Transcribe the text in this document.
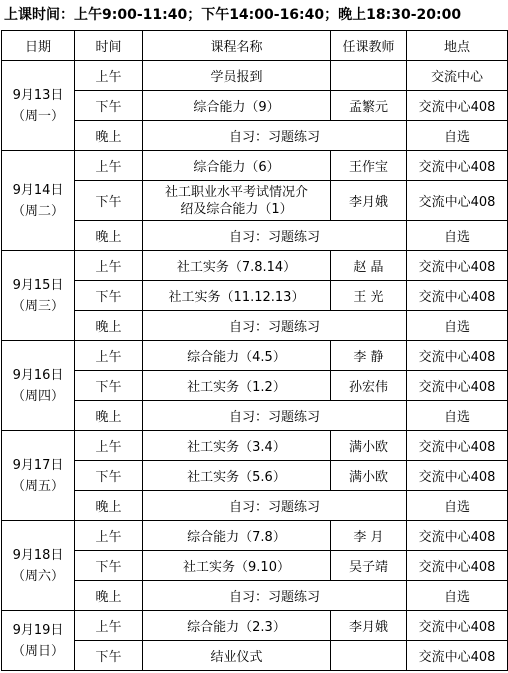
上课时间：上午9:00-11:40；下午14:00-16:40；晚上18:30-20:00
日期	时间	课程名称	任课教师	地点

9月13日
（周一）	上午	学员报到		交流中心
	下午	综合能力（9）	孟繁元	交流中心408
	晚上	自习：习题练习		自选

9月14日
（周二）	上午	综合能力（6）	王作宝	交流中心408
	下午	社工职业水平考试情况介
绍及综合能力（1）	李月娥	交流中心408
	晚上	自习：习题练习		自选

9月15日
（周三）	上午	社工实务（7.8.14）	赵 晶	交流中心408
	下午	社工实务（11.12.13）	王 光	交流中心408
	晚上	自习：习题练习		自选

9月16日
（周四）	上午	综合能力（4.5）	李 静	交流中心408
	下午	社工实务（1.2）	孙宏伟	交流中心408
	晚上	自习：习题练习		自选

9月17日
（周五）	上午	社工实务（3.4）	满小欧	交流中心408
	下午	社工实务（5.6）	满小欧	交流中心408
	晚上	自习：习题练习		自选

9月18日
（周六）	上午	综合能力（7.8）	李 月	交流中心408
	下午	社工实务（9.10）	吴子靖	交流中心408
	晚上	自习：习题练习		自选

9月19日
（周日）	上午	综合能力（2.3）	李月娥	交流中心408
	下午	结业仪式		交流中心408
